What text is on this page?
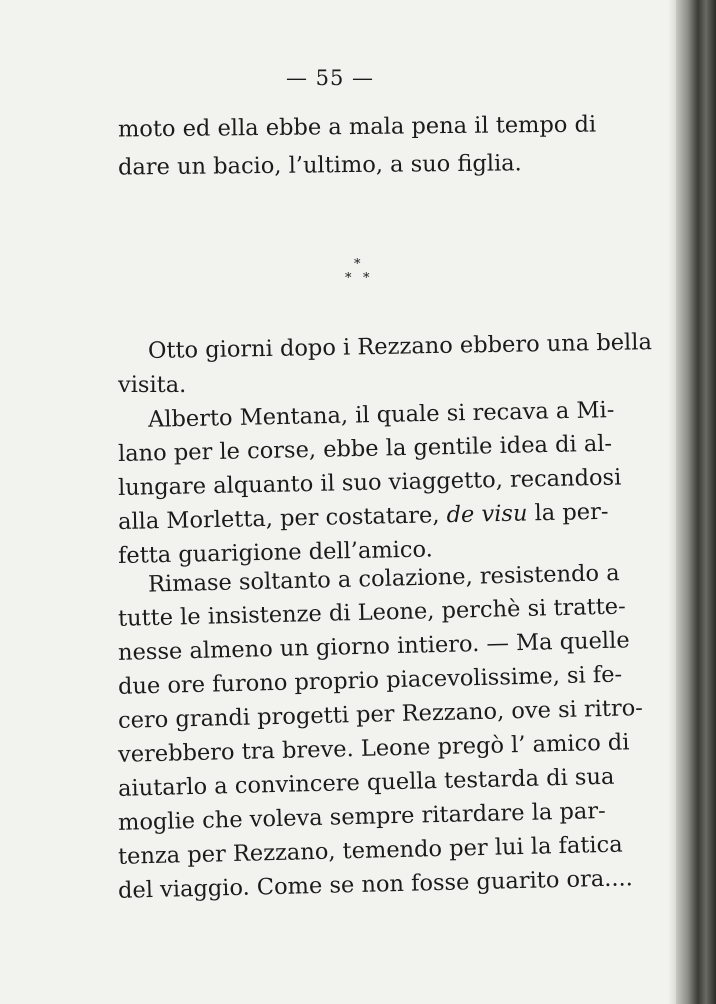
— 55 —
moto ed ella ebbe a mala pena il tempo di
dare un bacio, l’ultimo, a suo figlia.
*
* *
Otto giorni dopo i Rezzano ebbero una bella
visita.
Alberto Mentana, il quale si recava a Mi-
lano per le corse, ebbe la gentile idea di al-
lungare alquanto il suo viaggetto, recandosi
alla Morletta, per costatare, de visu la per-
fetta guarigione dell’amico.
Rimase soltanto a colazione, resistendo a
tutte le insistenze di Leone, perchè si tratte-
nesse almeno un giorno intiero. — Ma quelle
due ore furono proprio piacevolissime, si fe-
cero grandi progetti per Rezzano, ove si ritro-
verebbero tra breve. Leone pregò l’ amico di
aiutarlo a convincere quella testarda di sua
moglie che voleva sempre ritardare la par-
tenza per Rezzano, temendo per lui la fatica
del viaggio. Come se non fosse guarito ora....
